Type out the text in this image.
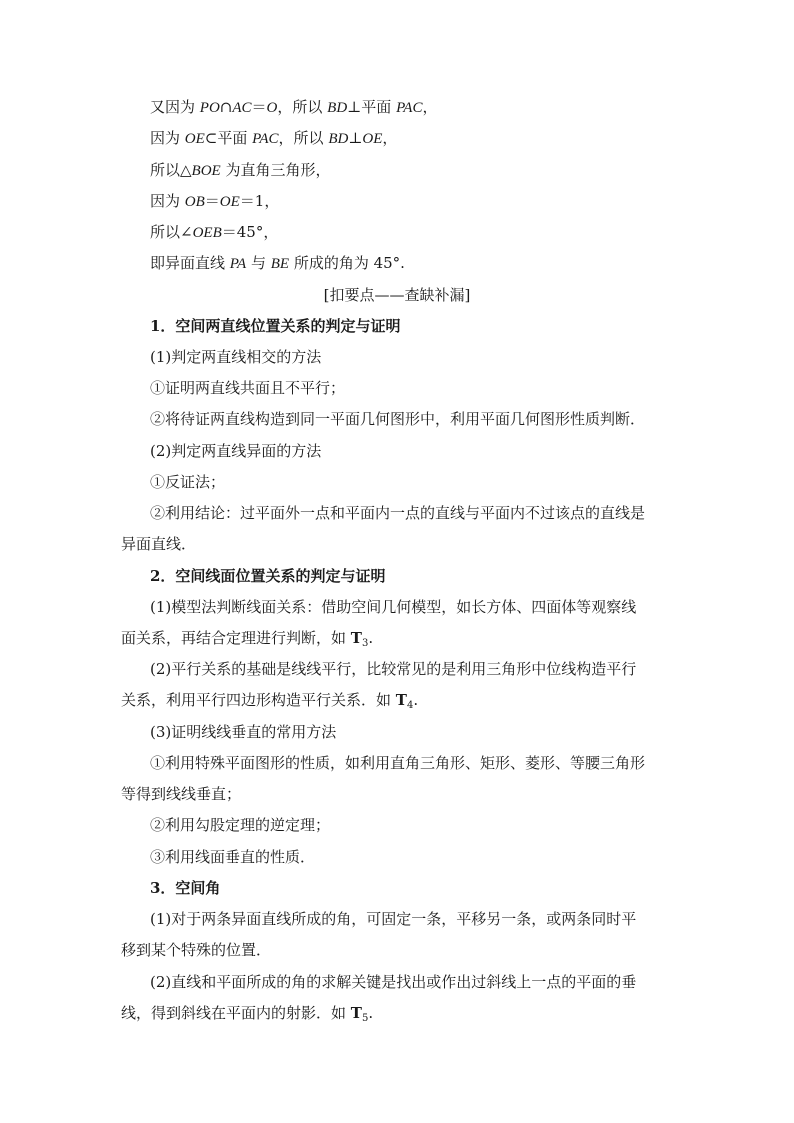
又因为 PO∩AC＝O，所以 BD⊥平面 PAC，
因为 OE⊂平面 PAC，所以 BD⊥OE，
所以△BOE 为直角三角形，
因为 OB＝OE＝1，
所以∠OEB＝45°，
即异面直线 PA 与 BE 所成的角为 45°.
[扣要点——查缺补漏]
1．空间两直线位置关系的判定与证明
(1)判定两直线相交的方法
①证明两直线共面且不平行；
②将待证两直线构造到同一平面几何图形中，利用平面几何图形性质判断．
(2)判定两直线异面的方法
①反证法；
②利用结论：过平面外一点和平面内一点的直线与平面内不过该点的直线是
异面直线．
2．空间线面位置关系的判定与证明
(1)模型法判断线面关系：借助空间几何模型，如长方体、四面体等观察线
面关系，再结合定理进行判断，如 $T_3$.
(2)平行关系的基础是线线平行，比较常见的是利用三角形中位线构造平行
关系，利用平行四边形构造平行关系．如 $T_4$.
(3)证明线线垂直的常用方法
①利用特殊平面图形的性质，如利用直角三角形、矩形、菱形、等腰三角形
等得到线线垂直；
②利用勾股定理的逆定理；
③利用线面垂直的性质．
3．空间角
(1)对于两条异面直线所成的角，可固定一条，平移另一条，或两条同时平
移到某个特殊的位置．
(2)直线和平面所成的角的求解关键是找出或作出过斜线上一点的平面的垂
线，得到斜线在平面内的射影．如 $T_5$.
